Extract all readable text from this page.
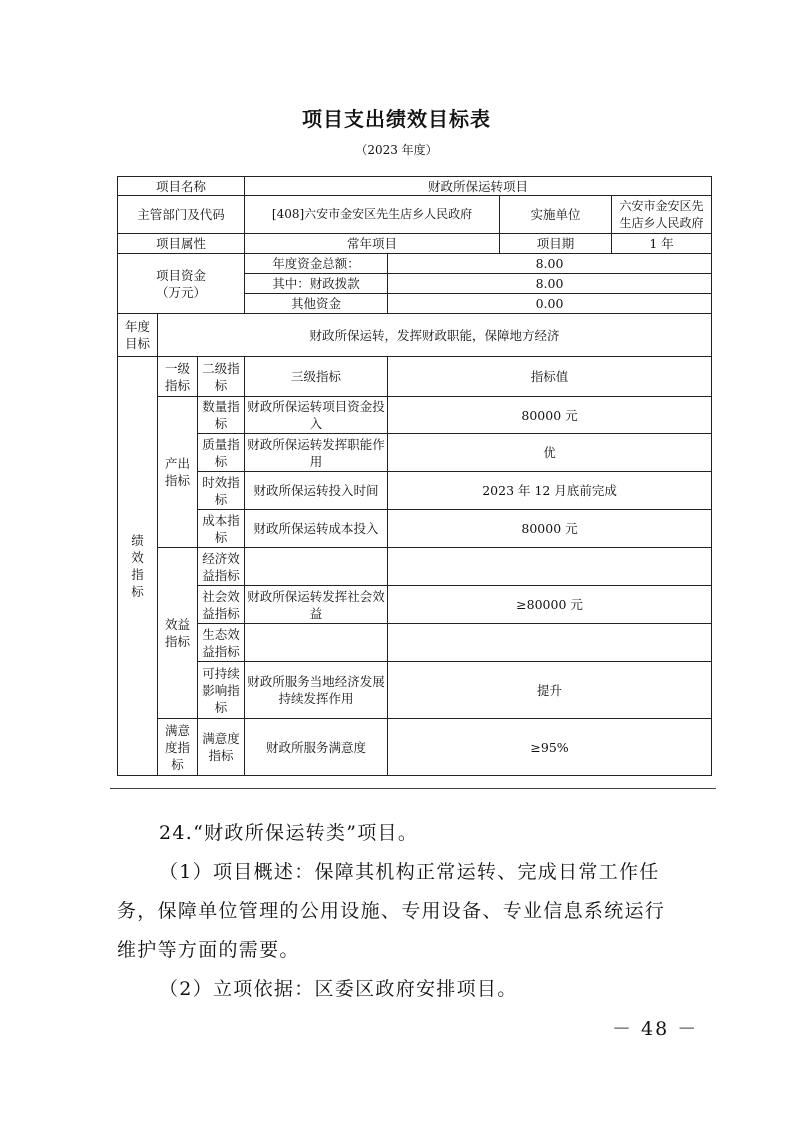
项目支出绩效目标表
（2023 年度）
项目名称			财政所保运转项目			
主管部门及代码			[408]六安市金安区先生店乡人民政府		实施单位	六安市金安区先生店乡人民政府
项目属性			常年项目		项目期	1 年

项目资金
（万元）			年度资金总额：	8.00		
			其中：财政拨款	8.00		
			其他资金	0.00		

年度
目标	财政所保运转，发挥财政职能，保障地方经济					

绩
效
指
标	一级指标	二级指标	三级指标	指标值		
	产出指标	数量指标	财政所保运转项目资金投入	80000 元		
		质量指标	财政所保运转发挥职能作用	优		
		时效指标	财政所保运转投入时间	2023 年 12 月底前完成		
		成本指标	财政所保运转成本投入	80000 元		
	效益指标	经济效益指标				
		社会效益指标	财政所保运转发挥社会效益	≥80000 元		
		生态效益指标				
		可持续影响指标	财政所服务当地经济发展持续发挥作用	提升		
	满意度指标	满意度指标	财政所服务满意度	≥95%		
24.“财政所保运转类”项目。
（1）项目概述：保障其机构正常运转、完成日常工作任务，保障单位管理的公用设施、专用设备、专业信息系统运行维护等方面的需要。
（2）立项依据：区委区政府安排项目。
－ 48 －
